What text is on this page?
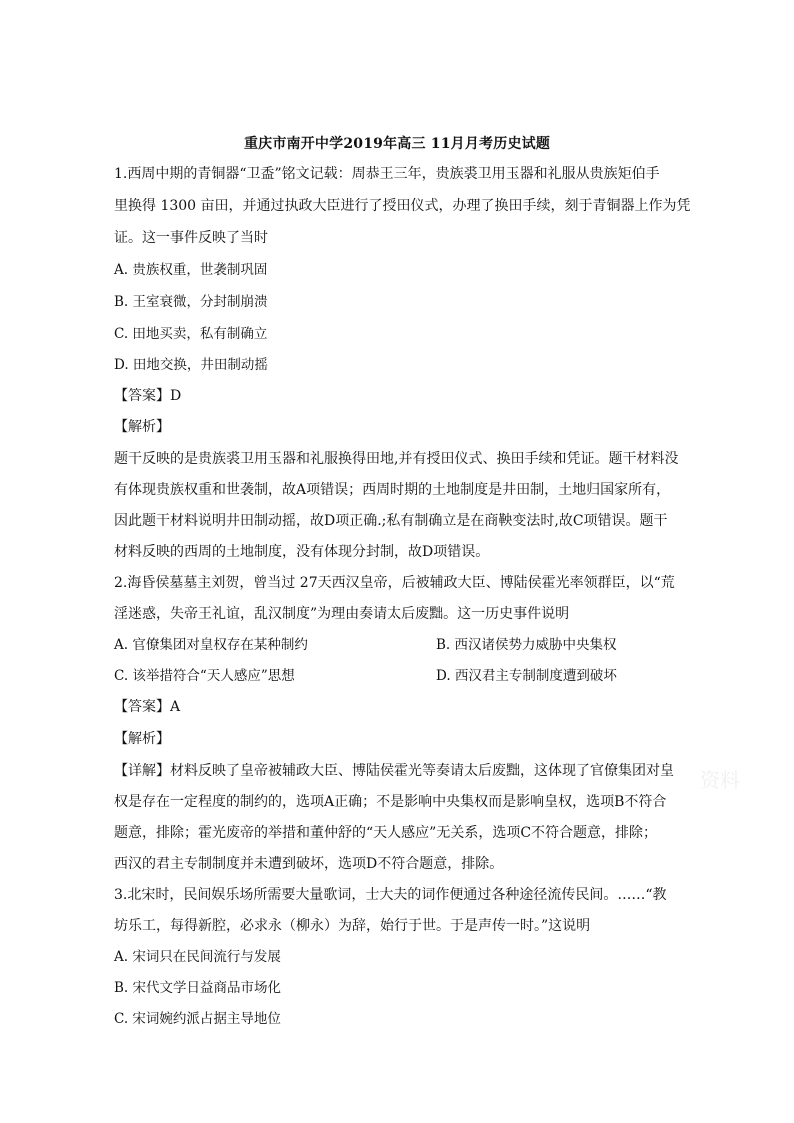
重庆市南开中学2019年高三 11月月考历史试题
1.西周中期的青铜器“卫盉”铭文记载：周恭王三年，贵族裘卫用玉器和礼服从贵族矩伯手
里换得 1300 亩田，并通过执政大臣进行了授田仪式，办理了换田手续，刻于青铜器上作为凭
证。这一事件反映了当时
A. 贵族权重，世袭制巩固
B. 王室衰微，分封制崩溃
C. 田地买卖，私有制确立
D. 田地交换，井田制动摇
【答案】D
【解析】
题干反映的是贵族裘卫用玉器和礼服换得田地,并有授田仪式、换田手续和凭证。题干材料没
有体现贵族权重和世袭制，故A项错误；西周时期的土地制度是井田制，土地归国家所有，
因此题干材料说明井田制动摇，故D项正确.;私有制确立是在商鞅变法时,故C项错误。题干
材料反映的西周的土地制度，没有体现分封制，故D项错误。
2.海昏侯墓墓主刘贺，曾当过 27天西汉皇帝，后被辅政大臣、博陆侯霍光率领群臣，以“荒
淫迷惑，失帝王礼谊，乱汉制度”为理由奏请太后废黜。这一历史事件说明
A. 官僚集团对皇权存在某种制约	B. 西汉诸侯势力威胁中央集权
C. 该举措符合“天人感应”思想	D. 西汉君主专制制度遭到破坏
【答案】A
【解析】
【详解】材料反映了皇帝被辅政大臣、博陆侯霍光等奏请太后废黜，这体现了官僚集团对皇
权是存在一定程度的制约的，选项A正确；不是影响中央集权而是影响皇权，选项B不符合
题意，排除；霍光废帝的举措和董仲舒的“天人感应”无关系，选项C不符合题意，排除；
西汉的君主专制制度并未遭到破坏，选项D不符合题意，排除。
3.北宋时，民间娱乐场所需要大量歌词，士大夫的词作便通过各种途径流传民间。……“教
坊乐工，每得新腔，必求永（柳永）为辞，始行于世。于是声传一时。”这说明
A. 宋词只在民间流行与发展
B. 宋代文学日益商品市场化
C. 宋词婉约派占据主导地位
资料
